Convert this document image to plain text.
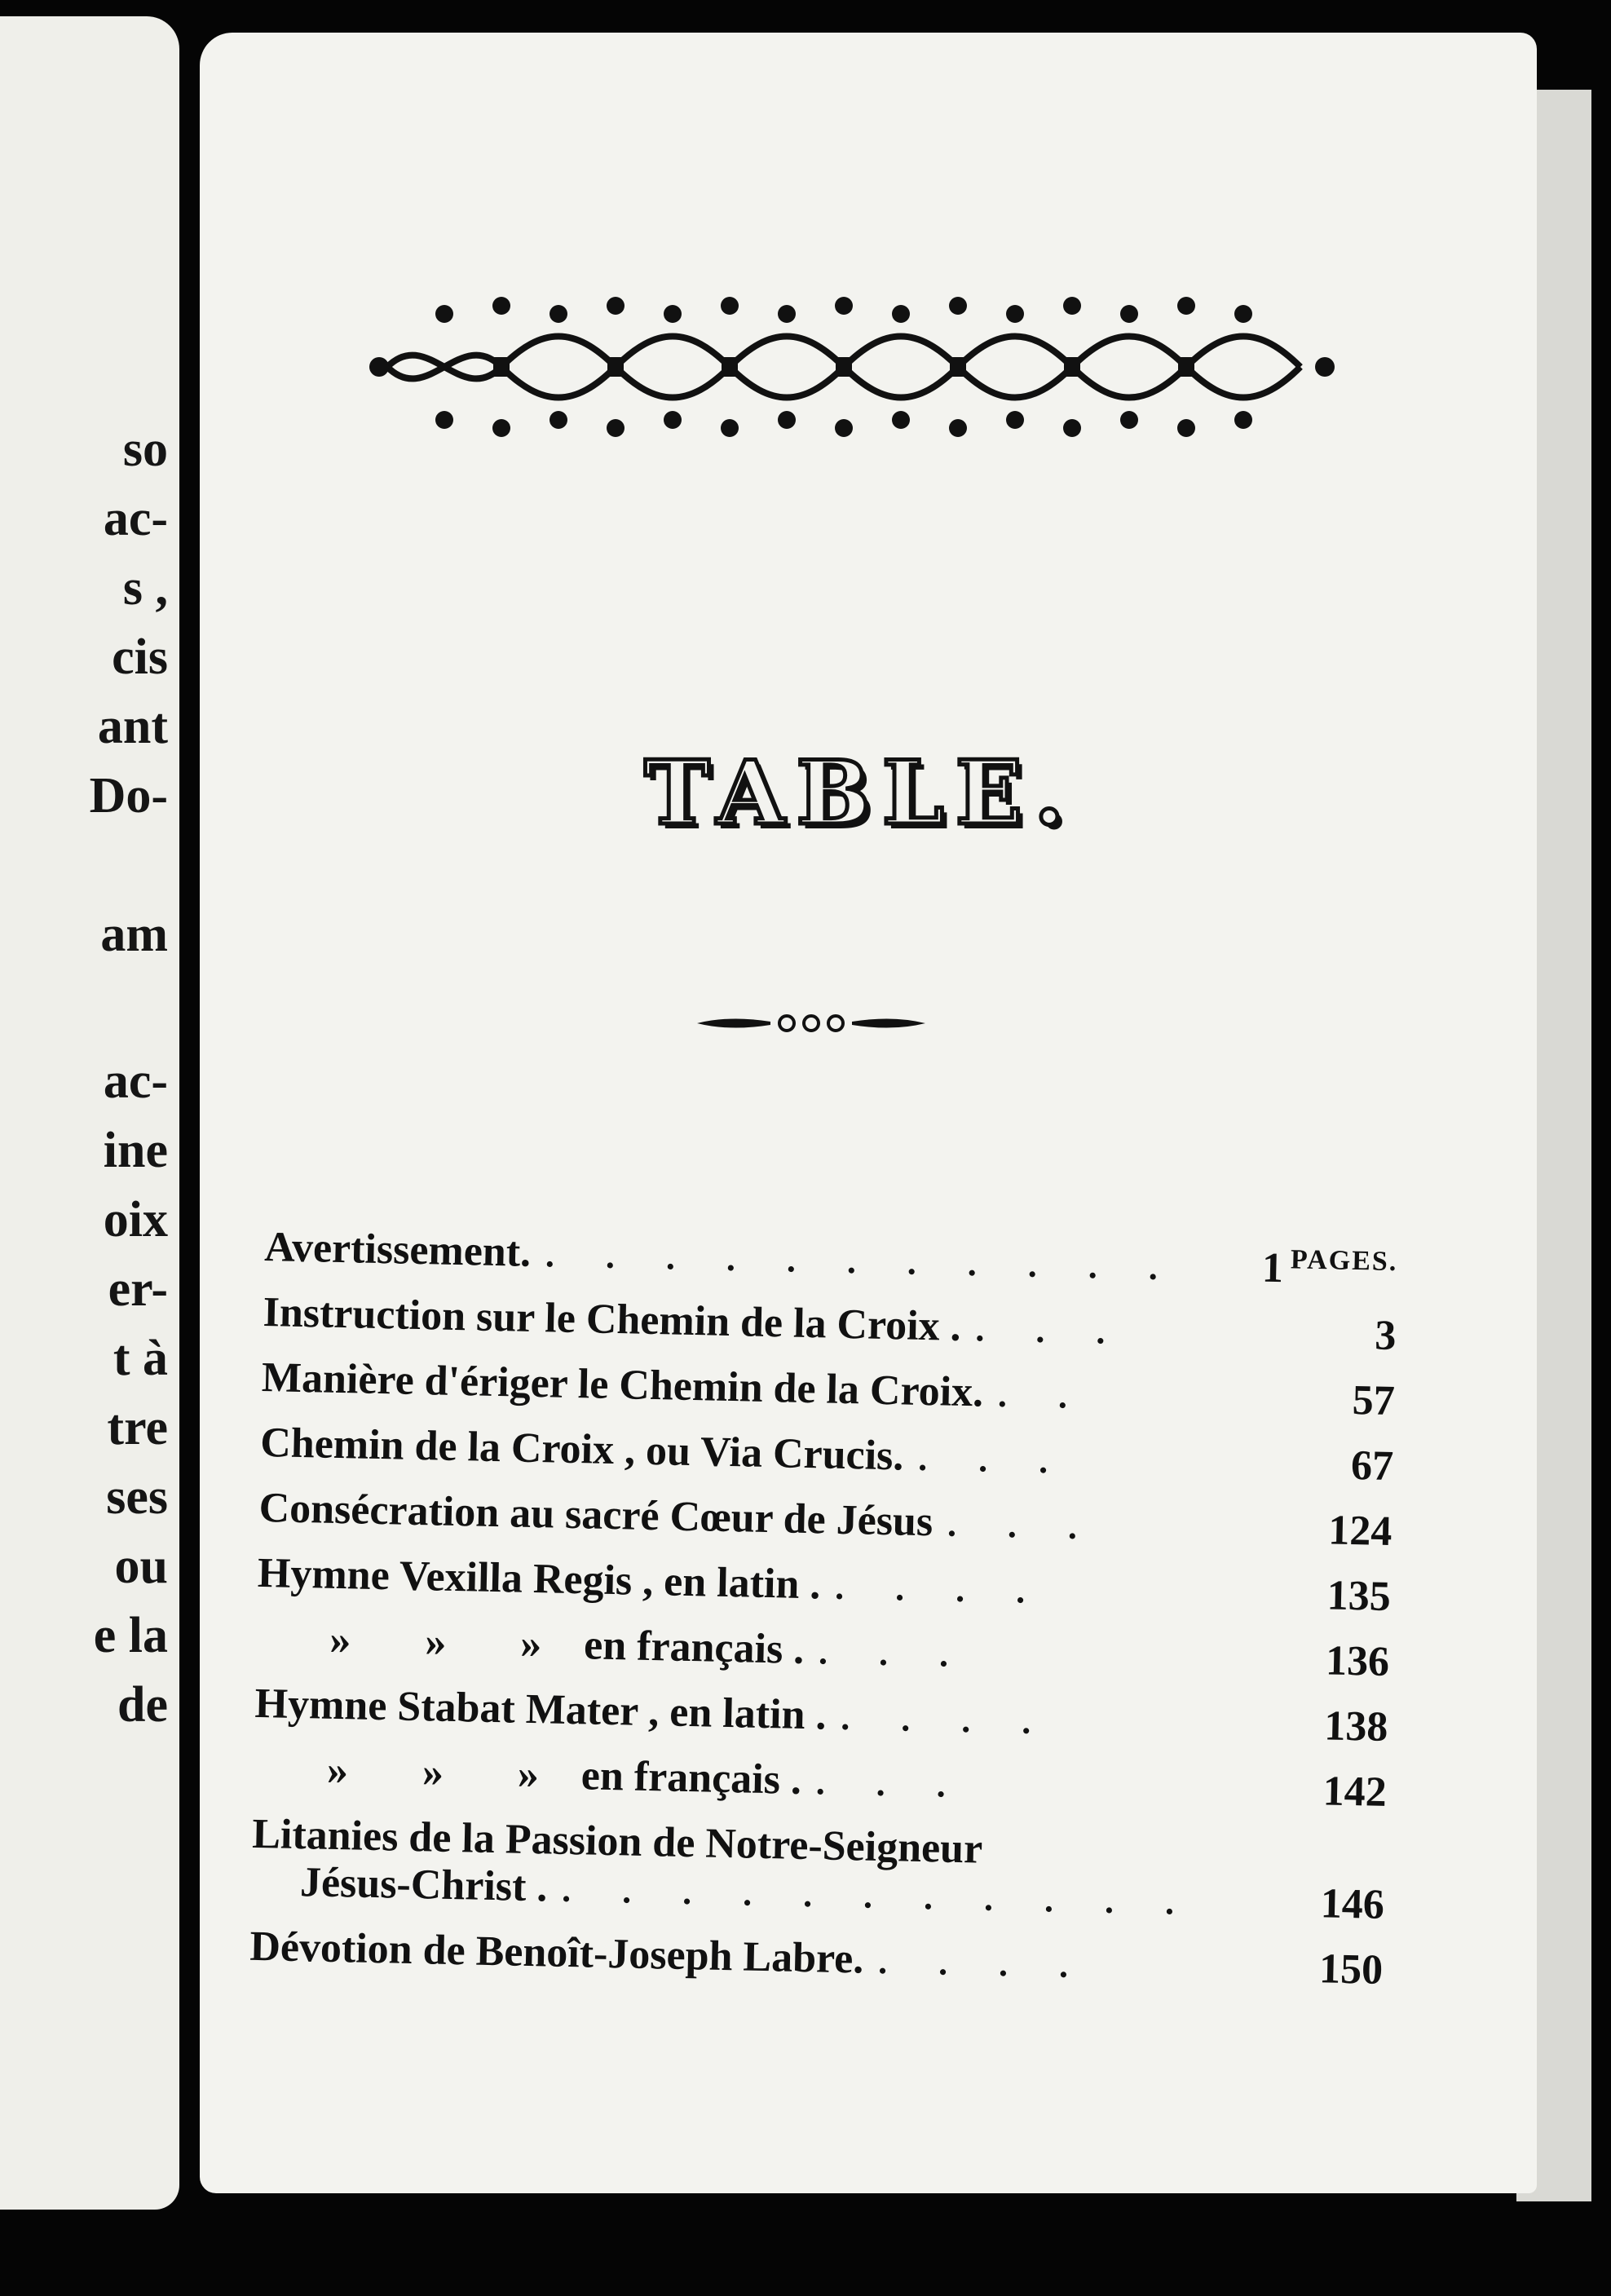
so
ac-
s ,
cis
ant
Do-
am
ac-
ine
oix
er-
t à
tre
ses
ou
e la
de
TABLE.
PAGES.
Avertissement. . . . . . . . . . . .	1
Instruction sur le Chemin de la Croix . . . .	3
Manière d'ériger le Chemin de la Croix. . .	57
Chemin de la Croix , ou Via Crucis. . . .	67
Consécration au sacré Cœur de Jésus . . .	124
Hymne Vexilla Regis , en latin . . . . .	135
»       »       »    en français . . . .	136
Hymne Stabat Mater , en latin . . . . .	138
»       »       »    en français . . . .	142
Litanies de la Passion de Notre-Seigneur
Jésus-Christ . . . . . . . . . . . .	146
Dévotion de Benoît-Joseph Labre. . . . .	150
